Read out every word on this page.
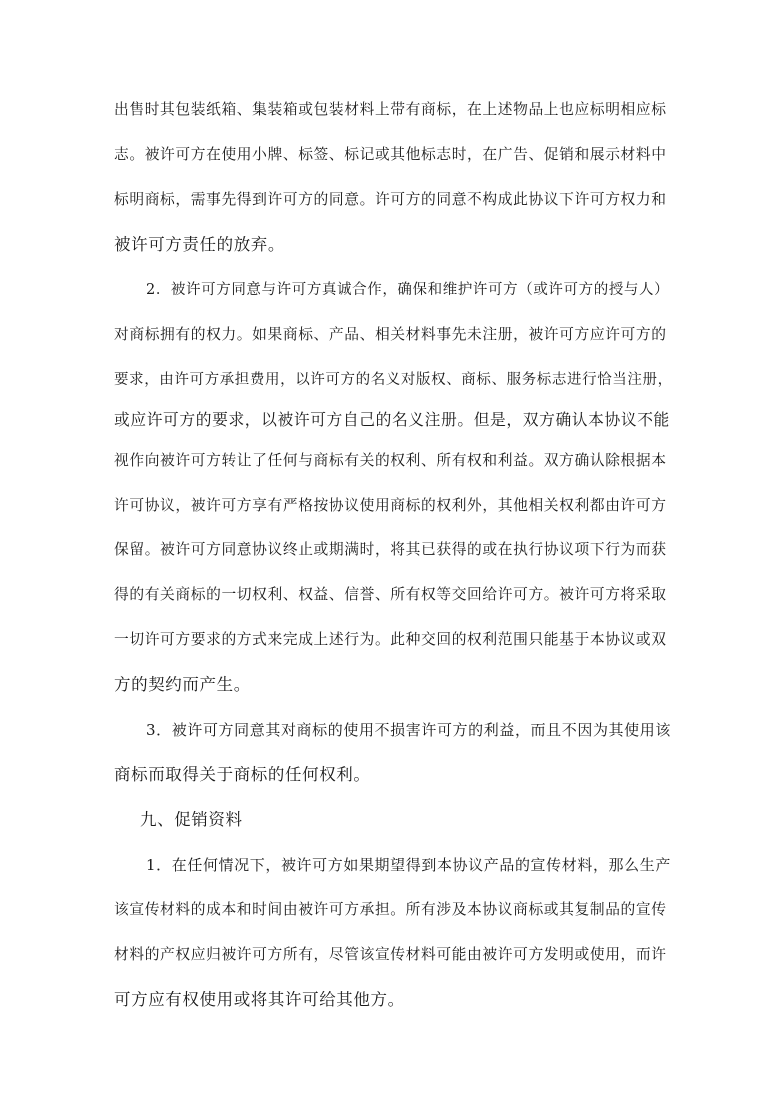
出售时其包装纸箱、集装箱或包装材料上带有商标，在上述物品上也应标明相应标
志。被许可方在使用小牌、标签、标记或其他标志时，在广告、促销和展示材料中
标明商标，需事先得到许可方的同意。许可方的同意不构成此协议下许可方权力和
被许可方责任的放弃。
2．被许可方同意与许可方真诚合作，确保和维护许可方（或许可方的授与人）
对商标拥有的权力。如果商标、产品、相关材料事先未注册，被许可方应许可方的
要求，由许可方承担费用，以许可方的名义对版权、商标、服务标志进行恰当注册，
或应许可方的要求，以被许可方自己的名义注册。但是，双方确认本协议不能
视作向被许可方转让了任何与商标有关的权利、所有权和利益。双方确认除根据本
许可协议，被许可方享有严格按协议使用商标的权利外，其他相关权利都由许可方
保留。被许可方同意协议终止或期满时，将其已获得的或在执行协议项下行为而获
得的有关商标的一切权利、权益、信誉、所有权等交回给许可方。被许可方将采取
一切许可方要求的方式来完成上述行为。此种交回的权利范围只能基于本协议或双
方的契约而产生。
3．被许可方同意其对商标的使用不损害许可方的利益，而且不因为其使用该
商标而取得关于商标的任何权利。
九、促销资料
1．在任何情况下，被许可方如果期望得到本协议产品的宣传材料，那么生产
该宣传材料的成本和时间由被许可方承担。所有涉及本协议商标或其复制品的宣传
材料的产权应归被许可方所有，尽管该宣传材料可能由被许可方发明或使用，而许
可方应有权使用或将其许可给其他方。
